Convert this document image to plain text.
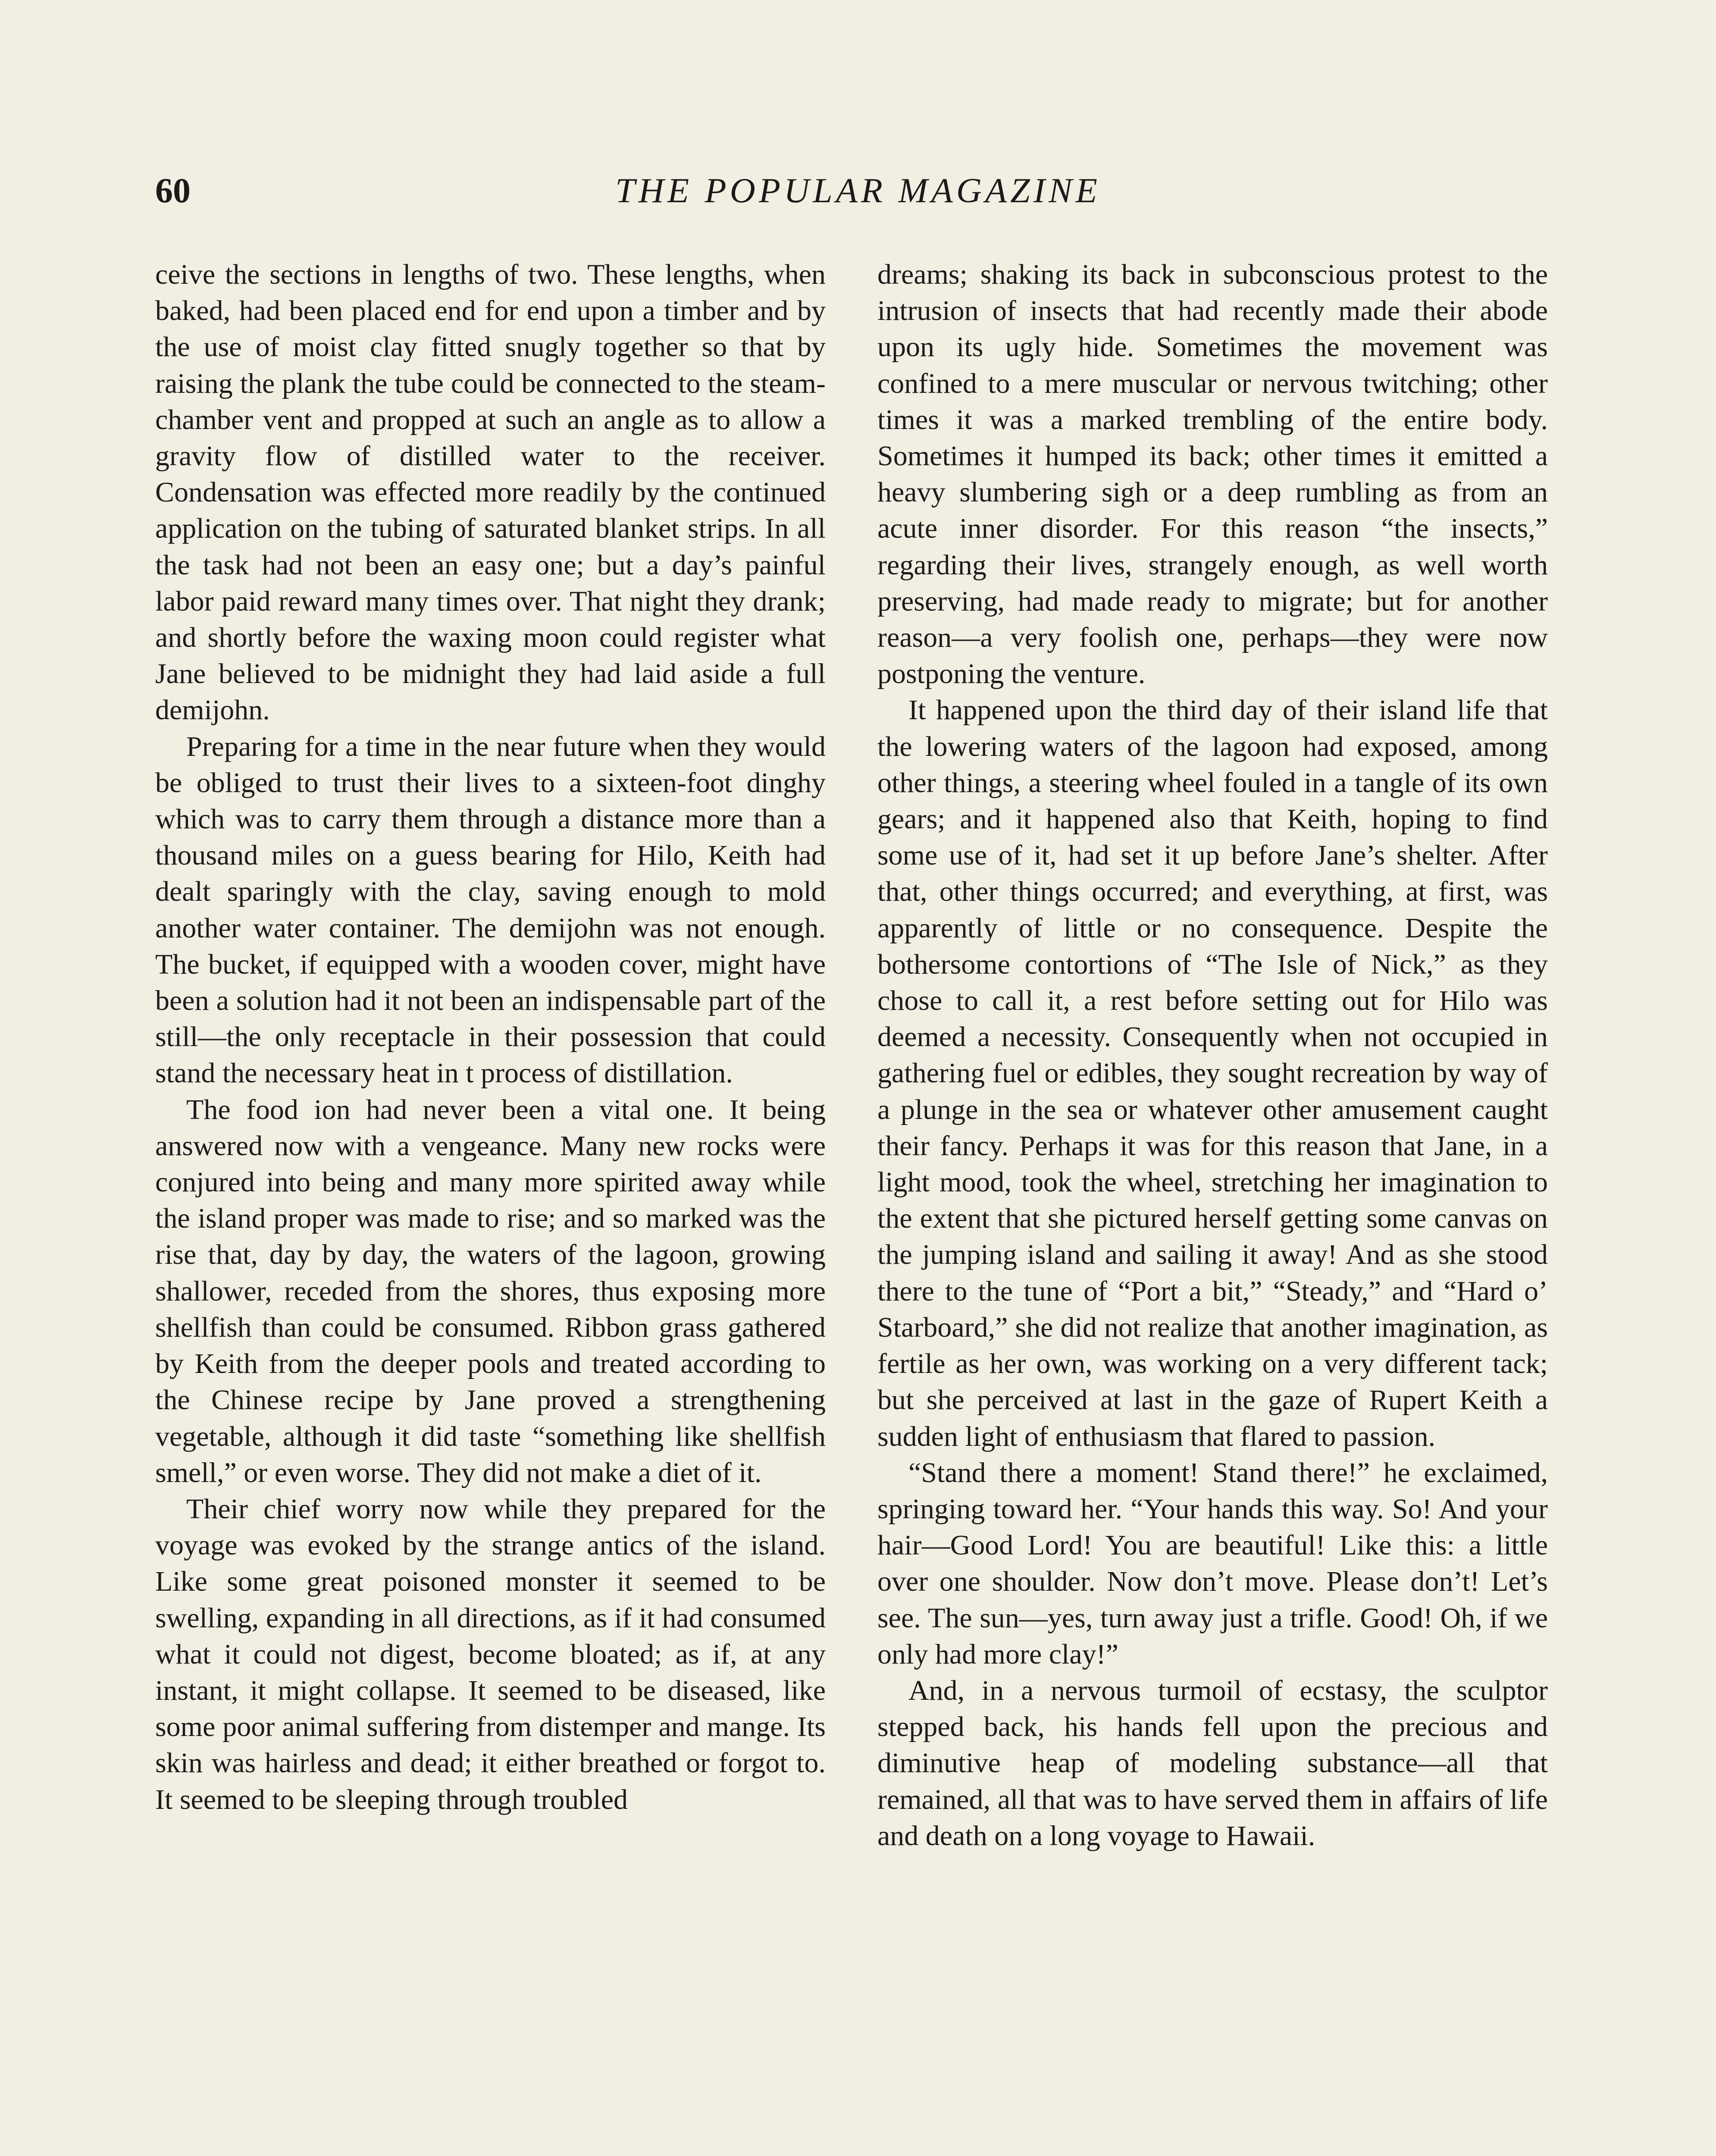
60	THE POPULAR MAGAZINE

ceive the sections in lengths of two. These lengths, when baked, had been placed end for end upon a timber and by the use of moist clay fitted snugly together so that by raising the plank the tube could be connected to the steam-chamber vent and propped at such an angle as to allow a gravity flow of distilled water to the receiver. Condensation was effected more readily by the continued application on the tubing of saturated blanket strips. In all the task had not been an easy one; but a day’s painful labor paid reward many times over. That night they drank; and shortly before the waxing moon could register what Jane believed to be midnight they had laid aside a full demijohn.

Preparing for a time in the near future when they would be obliged to trust their lives to a sixteen-foot dinghy which was to carry them through a distance more than a thousand miles on a guess bearing for Hilo, Keith had dealt sparingly with the clay, saving enough to mold another water container. The demijohn was not enough. The bucket, if equipped with a wooden cover, might have been a solution had it not been an indispensable part of the still—the only receptacle in their possession that could stand the necessary heat in t process of distillation.

The food ion had never been a vital one. It being answered now with a vengeance. Many new rocks were conjured into being and many more spirited away while the island proper was made to rise; and so marked was the rise that, day by day, the waters of the lagoon, growing shallower, receded from the shores, thus exposing more shellfish than could be consumed. Ribbon grass gathered by Keith from the deeper pools and treated according to the Chinese recipe by Jane proved a strengthening vegetable, although it did taste “something like shellfish smell,” or even worse. They did not make a diet of it.

Their chief worry now while they prepared for the voyage was evoked by the strange antics of the island. Like some great poisoned monster it seemed to be swelling, expanding in all directions, as if it had consumed what it could not digest, become bloated; as if, at any instant, it might collapse. It seemed to be diseased, like some poor animal suffering from distemper and mange. Its skin was hairless and dead; it either breathed or forgot to. It seemed to be sleeping through troubled

dreams; shaking its back in subconscious protest to the intrusion of insects that had recently made their abode upon its ugly hide. Sometimes the movement was confined to a mere muscular or nervous twitching; other times it was a marked trembling of the entire body. Sometimes it humped its back; other times it emitted a heavy slumbering sigh or a deep rumbling as from an acute inner disorder. For this reason “the insects,” regarding their lives, strangely enough, as well worth preserving, had made ready to migrate; but for another reason—a very foolish one, perhaps—they were now postponing the venture.

It happened upon the third day of their island life that the lowering waters of the lagoon had exposed, among other things, a steering wheel fouled in a tangle of its own gears; and it happened also that Keith, hoping to find some use of it, had set it up before Jane’s shelter. After that, other things occurred; and everything, at first, was apparently of little or no consequence. Despite the bothersome contortions of “The Isle of Nick,” as they chose to call it, a rest before setting out for Hilo was deemed a necessity. Consequently when not occupied in gathering fuel or edibles, they sought recreation by way of a plunge in the sea or whatever other amusement caught their fancy. Perhaps it was for this reason that Jane, in a light mood, took the wheel, stretching her imagination to the extent that she pictured herself getting some canvas on the jumping island and sailing it away! And as she stood there to the tune of “Port a bit,” “Steady,” and “Hard o’ Starboard,” she did not realize that another imagination, as fertile as her own, was working on a very different tack; but she perceived at last in the gaze of Rupert Keith a sudden light of enthusiasm that flared to passion.

“Stand there a moment! Stand there!” he exclaimed, springing toward her. “Your hands this way. So! And your hair—Good Lord! You are beautiful! Like this: a little over one shoulder. Now don’t move. Please don’t! Let’s see. The sun—yes, turn away just a trifle. Good! Oh, if we only had more clay!”

And, in a nervous turmoil of ecstasy, the sculptor stepped back, his hands fell upon the precious and diminutive heap of modeling substance—all that remained, all that was to have served them in affairs of life and death on a long voyage to Hawaii.
